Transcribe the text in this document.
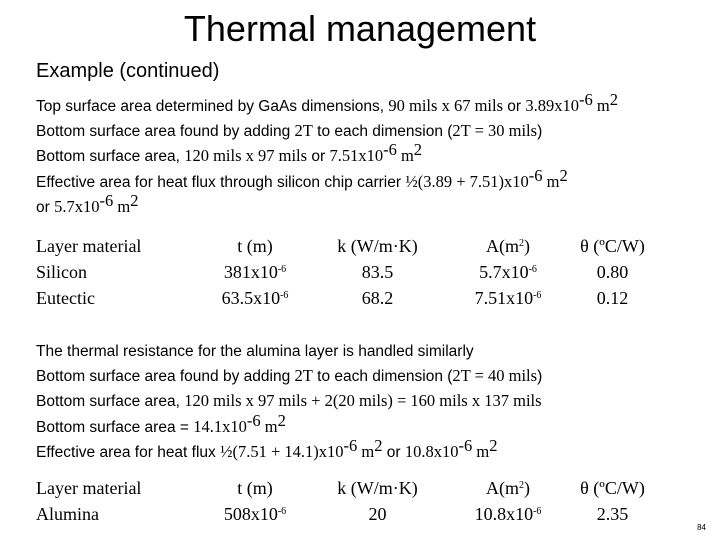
Thermal management
Example (continued)
Top surface area determined by GaAs dimensions, 90 mils x 67 mils or $3.89x10^{-6}$ $m^2$
Bottom surface area found by adding 2T to each dimension (2T = 30 mils)
Bottom surface area, 120 mils x 97 mils or $7.51x10^{-6}$ $m^2$
Effective area for heat flux through silicon chip carrier ½(3.89 + $7.51)x10^{-6}$ $m^2$
or $5.7x10^{-6}$ $m^2$
Layer material	t (m)	k (W/m·K)	$A(m^2)$	θ (ºC/W)
Silicon	$381x10^{-6}$	83.5	$5.7x10^{-6}$	0.80
Eutectic	$63.5x10^{-6}$	68.2	$7.51x10^{-6}$	0.12
The thermal resistance for the alumina layer is handled similarly
Bottom surface area found by adding 2T to each dimension (2T = 40 mils)
Bottom surface area, 120 mils x 97 mils + 2(20 mils) = 160 mils x 137 mils
Bottom surface area = $14.1x10^{-6}$ $m^2$
Effective area for heat flux ½(7.51 + $14.1)x10^{-6}$ $m^2$ or $10.8x10^{-6}$ $m^2$
Layer material	t (m)	k (W/m·K)	$A(m^2)$	θ (ºC/W)
Alumina	$508x10^{-6}$	20	$10.8x10^{-6}$	2.35
84
